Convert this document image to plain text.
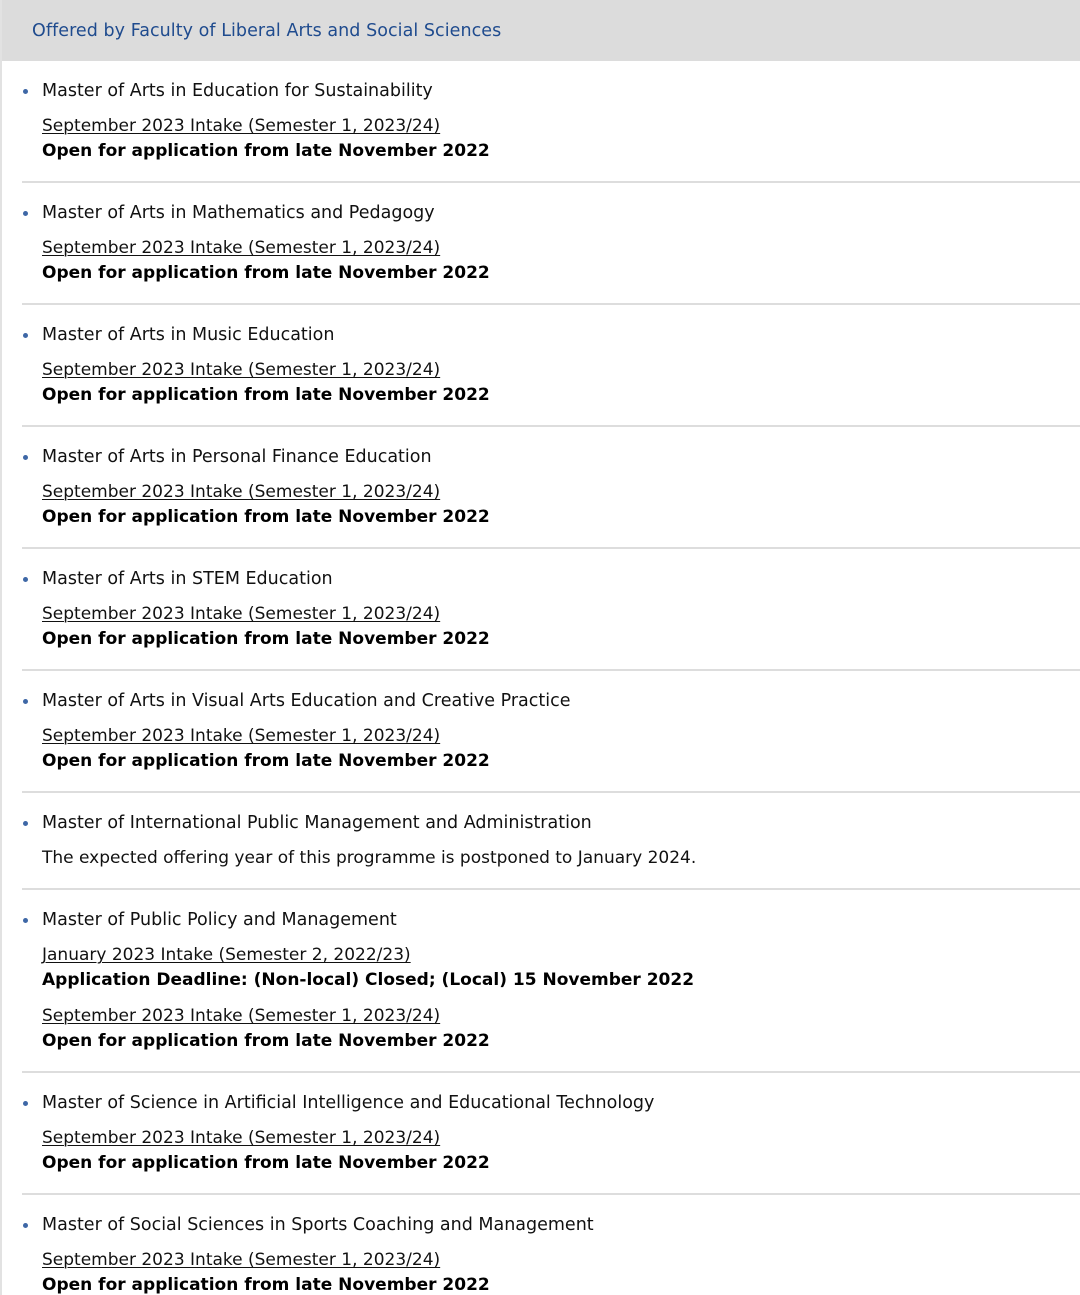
Offered by Faculty of Liberal Arts and Social Sciences
Master of Arts in Education for Sustainability
September 2023 Intake (Semester 1, 2023/24)
Open for application from late November 2022
Master of Arts in Mathematics and Pedagogy
September 2023 Intake (Semester 1, 2023/24)
Open for application from late November 2022
Master of Arts in Music Education
September 2023 Intake (Semester 1, 2023/24)
Open for application from late November 2022
Master of Arts in Personal Finance Education
September 2023 Intake (Semester 1, 2023/24)
Open for application from late November 2022
Master of Arts in STEM Education
September 2023 Intake (Semester 1, 2023/24)
Open for application from late November 2022
Master of Arts in Visual Arts Education and Creative Practice
September 2023 Intake (Semester 1, 2023/24)
Open for application from late November 2022
Master of International Public Management and Administration
The expected offering year of this programme is postponed to January 2024.
Master of Public Policy and Management
January 2023 Intake (Semester 2, 2022/23)
Application Deadline: (Non-local) Closed; (Local) 15 November 2022
September 2023 Intake (Semester 1, 2023/24)
Open for application from late November 2022
Master of Science in Artificial Intelligence and Educational Technology
September 2023 Intake (Semester 1, 2023/24)
Open for application from late November 2022
Master of Social Sciences in Sports Coaching and Management
September 2023 Intake (Semester 1, 2023/24)
Open for application from late November 2022
